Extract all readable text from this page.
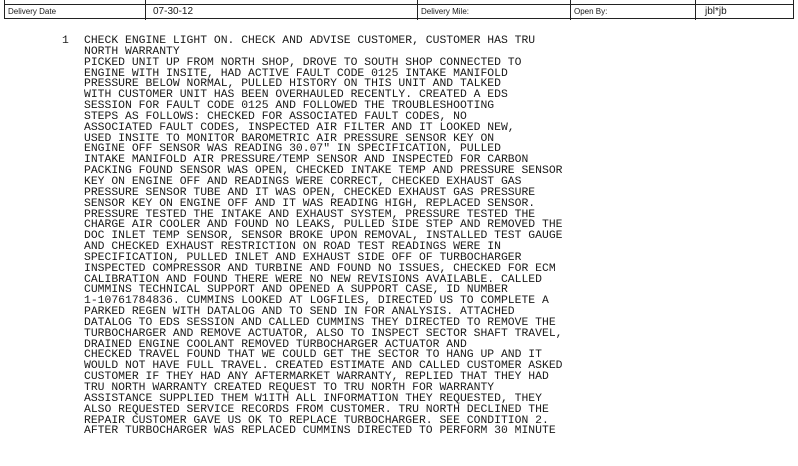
Delivery Date	07-30-12	Delivery Mile:	Open By:	jbl*jb
1 CHECK ENGINE LIGHT ON. CHECK AND ADVISE CUSTOMER, CUSTOMER HAS TRU
NORTH WARRANTY
PICKED UNIT UP FROM NORTH SHOP, DROVE TO SOUTH SHOP CONNECTED TO
ENGINE WITH INSITE, HAD ACTIVE FAULT CODE 0125 INTAKE MANIFOLD
PRESSURE BELOW NORMAL, PULLED HISTORY ON THIS UNIT AND TALKED
WITH CUSTOMER UNIT HAS BEEN OVERHAULED RECENTLY. CREATED A EDS
SESSION FOR FAULT CODE 0125 AND FOLLOWED THE TROUBLESHOOTING
STEPS AS FOLLOWS: CHECKED FOR ASSOCIATED FAULT CODES, NO
ASSOCIATED FAULT CODES, INSPECTED AIR FILTER AND IT LOOKED NEW,
USED INSITE TO MONITOR BAROMETRIC AIR PRESSURE SENSOR KEY ON
ENGINE OFF SENSOR WAS READING 30.07" IN SPECIFICATION, PULLED
INTAKE MANIFOLD AIR PRESSURE/TEMP SENSOR AND INSPECTED FOR CARBON
PACKING FOUND SENSOR WAS OPEN, CHECKED INTAKE TEMP AND PRESSURE SENSOR
KEY ON ENGINE OFF AND READINGS WERE CORRECT, CHECKED EXHAUST GAS
PRESSURE SENSOR TUBE AND IT WAS OPEN, CHECKED EXHAUST GAS PRESSURE
SENSOR KEY ON ENGINE OFF AND IT WAS READING HIGH, REPLACED SENSOR.
PRESSURE TESTED THE INTAKE AND EXHAUST SYSTEM, PRESSURE TESTED THE
CHARGE AIR COOLER AND FOUND NO LEAKS, PULLED SIDE STEP AND REMOVED THE
DOC INLET TEMP SENSOR, SENSOR BROKE UPON REMOVAL, INSTALLED TEST GAUGE
AND CHECKED EXHAUST RESTRICTION ON ROAD TEST READINGS WERE IN
SPECIFICATION, PULLED INLET AND EXHAUST SIDE OFF OF TURBOCHARGER
INSPECTED COMPRESSOR AND TURBINE AND FOUND NO ISSUES, CHECKED FOR ECM
CALIBRATION AND FOUND THERE WERE NO NEW REVISIONS AVAILABLE. CALLED
CUMMINS TECHNICAL SUPPORT AND OPENED A SUPPORT CASE, ID NUMBER
1-10761784836. CUMMINS LOOKED AT LOGFILES, DIRECTED US TO COMPLETE A
PARKED REGEN WITH DATALOG AND TO SEND IN FOR ANALYSIS. ATTACHED
DATALOG TO EDS SESSION AND CALLED CUMMINS THEY DIRECTED TO REMOVE THE
TURBOCHARGER AND REMOVE ACTUATOR, ALSO TO INSPECT SECTOR SHAFT TRAVEL,
DRAINED ENGINE COOLANT REMOVED TURBOCHARGER ACTUATOR AND
CHECKED TRAVEL FOUND THAT WE COULD GET THE SECTOR TO HANG UP AND IT
WOULD NOT HAVE FULL TRAVEL. CREATED ESTIMATE AND CALLED CUSTOMER ASKED
CUSTOMER IF THEY HAD ANY AFTERMARKET WARRANTY, REPLIED THAT THEY HAD
TRU NORTH WARRANTY CREATED REQUEST TO TRU NORTH FOR WARRANTY
ASSISTANCE SUPPLIED THEM W1ITH ALL INFORMATION THEY REQUESTED, THEY
ALSO REQUESTED SERVICE RECORDS FROM CUSTOMER. TRU NORTH DECLINED THE
REPAIR CUSTOMER GAVE US OK TO REPLACE TURBOCHARGER. SEE CONDITION 2.
AFTER TURBOCHARGER WAS REPLACED CUMMINS DIRECTED TO PERFORM 30 MINUTE
